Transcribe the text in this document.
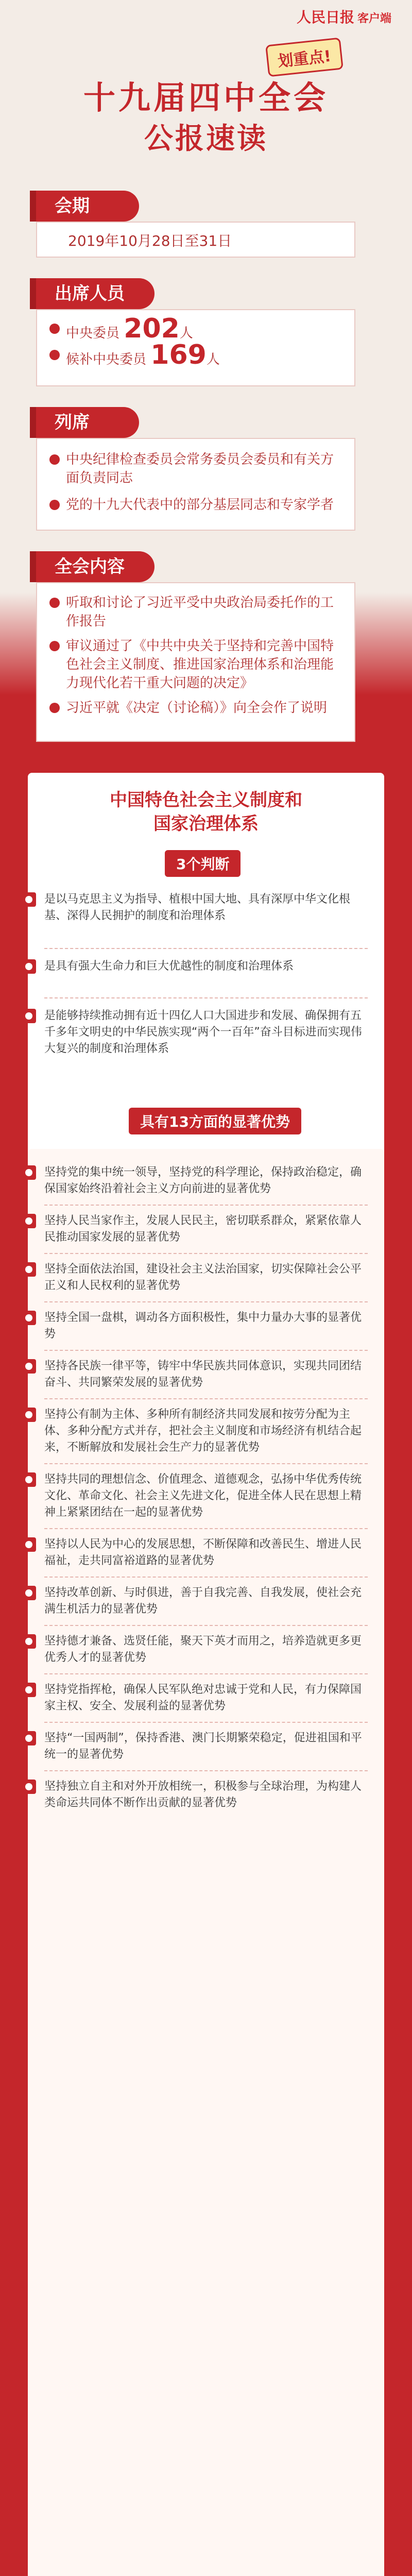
人民日报 客户端
划重点!
十九届四中全会
公报速读
会期
2019年10月28日至31日
出席人员
中央委员 202人
候补中央委员 169人
列席
中央纪律检查委员会常务委员会委员和有关方面负责同志
党的十九大代表中的部分基层同志和专家学者
全会内容
听取和讨论了习近平受中央政治局委托作的工作报告
审议通过了《中共中央关于坚持和完善中国特色社会主义制度、推进国家治理体系和治理能力现代化若干重大问题的决定》
习近平就《决定（讨论稿）》向全会作了说明
中国特色社会主义制度和
国家治理体系
3个判断
是以马克思主义为指导、植根中国大地、具有深厚中华文化根基、深得人民拥护的制度和治理体系
是具有强大生命力和巨大优越性的制度和治理体系
是能够持续推动拥有近十四亿人口大国进步和发展、确保拥有五千多年文明史的中华民族实现“两个一百年”奋斗目标进而实现伟大复兴的制度和治理体系
具有13方面的显著优势
坚持党的集中统一领导，坚持党的科学理论，保持政治稳定，确保国家始终沿着社会主义方向前进的显著优势
坚持人民当家作主，发展人民民主，密切联系群众，紧紧依靠人民推动国家发展的显著优势
坚持全面依法治国，建设社会主义法治国家，切实保障社会公平正义和人民权利的显著优势
坚持全国一盘棋，调动各方面积极性，集中力量办大事的显著优势
坚持各民族一律平等，铸牢中华民族共同体意识，实现共同团结奋斗、共同繁荣发展的显著优势
坚持公有制为主体、多种所有制经济共同发展和按劳分配为主体、多种分配方式并存，把社会主义制度和市场经济有机结合起来，不断解放和发展社会生产力的显著优势
坚持共同的理想信念、价值理念、道德观念，弘扬中华优秀传统文化、革命文化、社会主义先进文化，促进全体人民在思想上精神上紧紧团结在一起的显著优势
坚持以人民为中心的发展思想，不断保障和改善民生、增进人民福祉，走共同富裕道路的显著优势
坚持改革创新、与时俱进，善于自我完善、自我发展，使社会充满生机活力的显著优势
坚持德才兼备、选贤任能，聚天下英才而用之，培养造就更多更优秀人才的显著优势
坚持党指挥枪，确保人民军队绝对忠诚于党和人民，有力保障国家主权、安全、发展利益的显著优势
坚持“一国两制”，保持香港、澳门长期繁荣稳定，促进祖国和平统一的显著优势
坚持独立自主和对外开放相统一，积极参与全球治理，为构建人类命运共同体不断作出贡献的显著优势
